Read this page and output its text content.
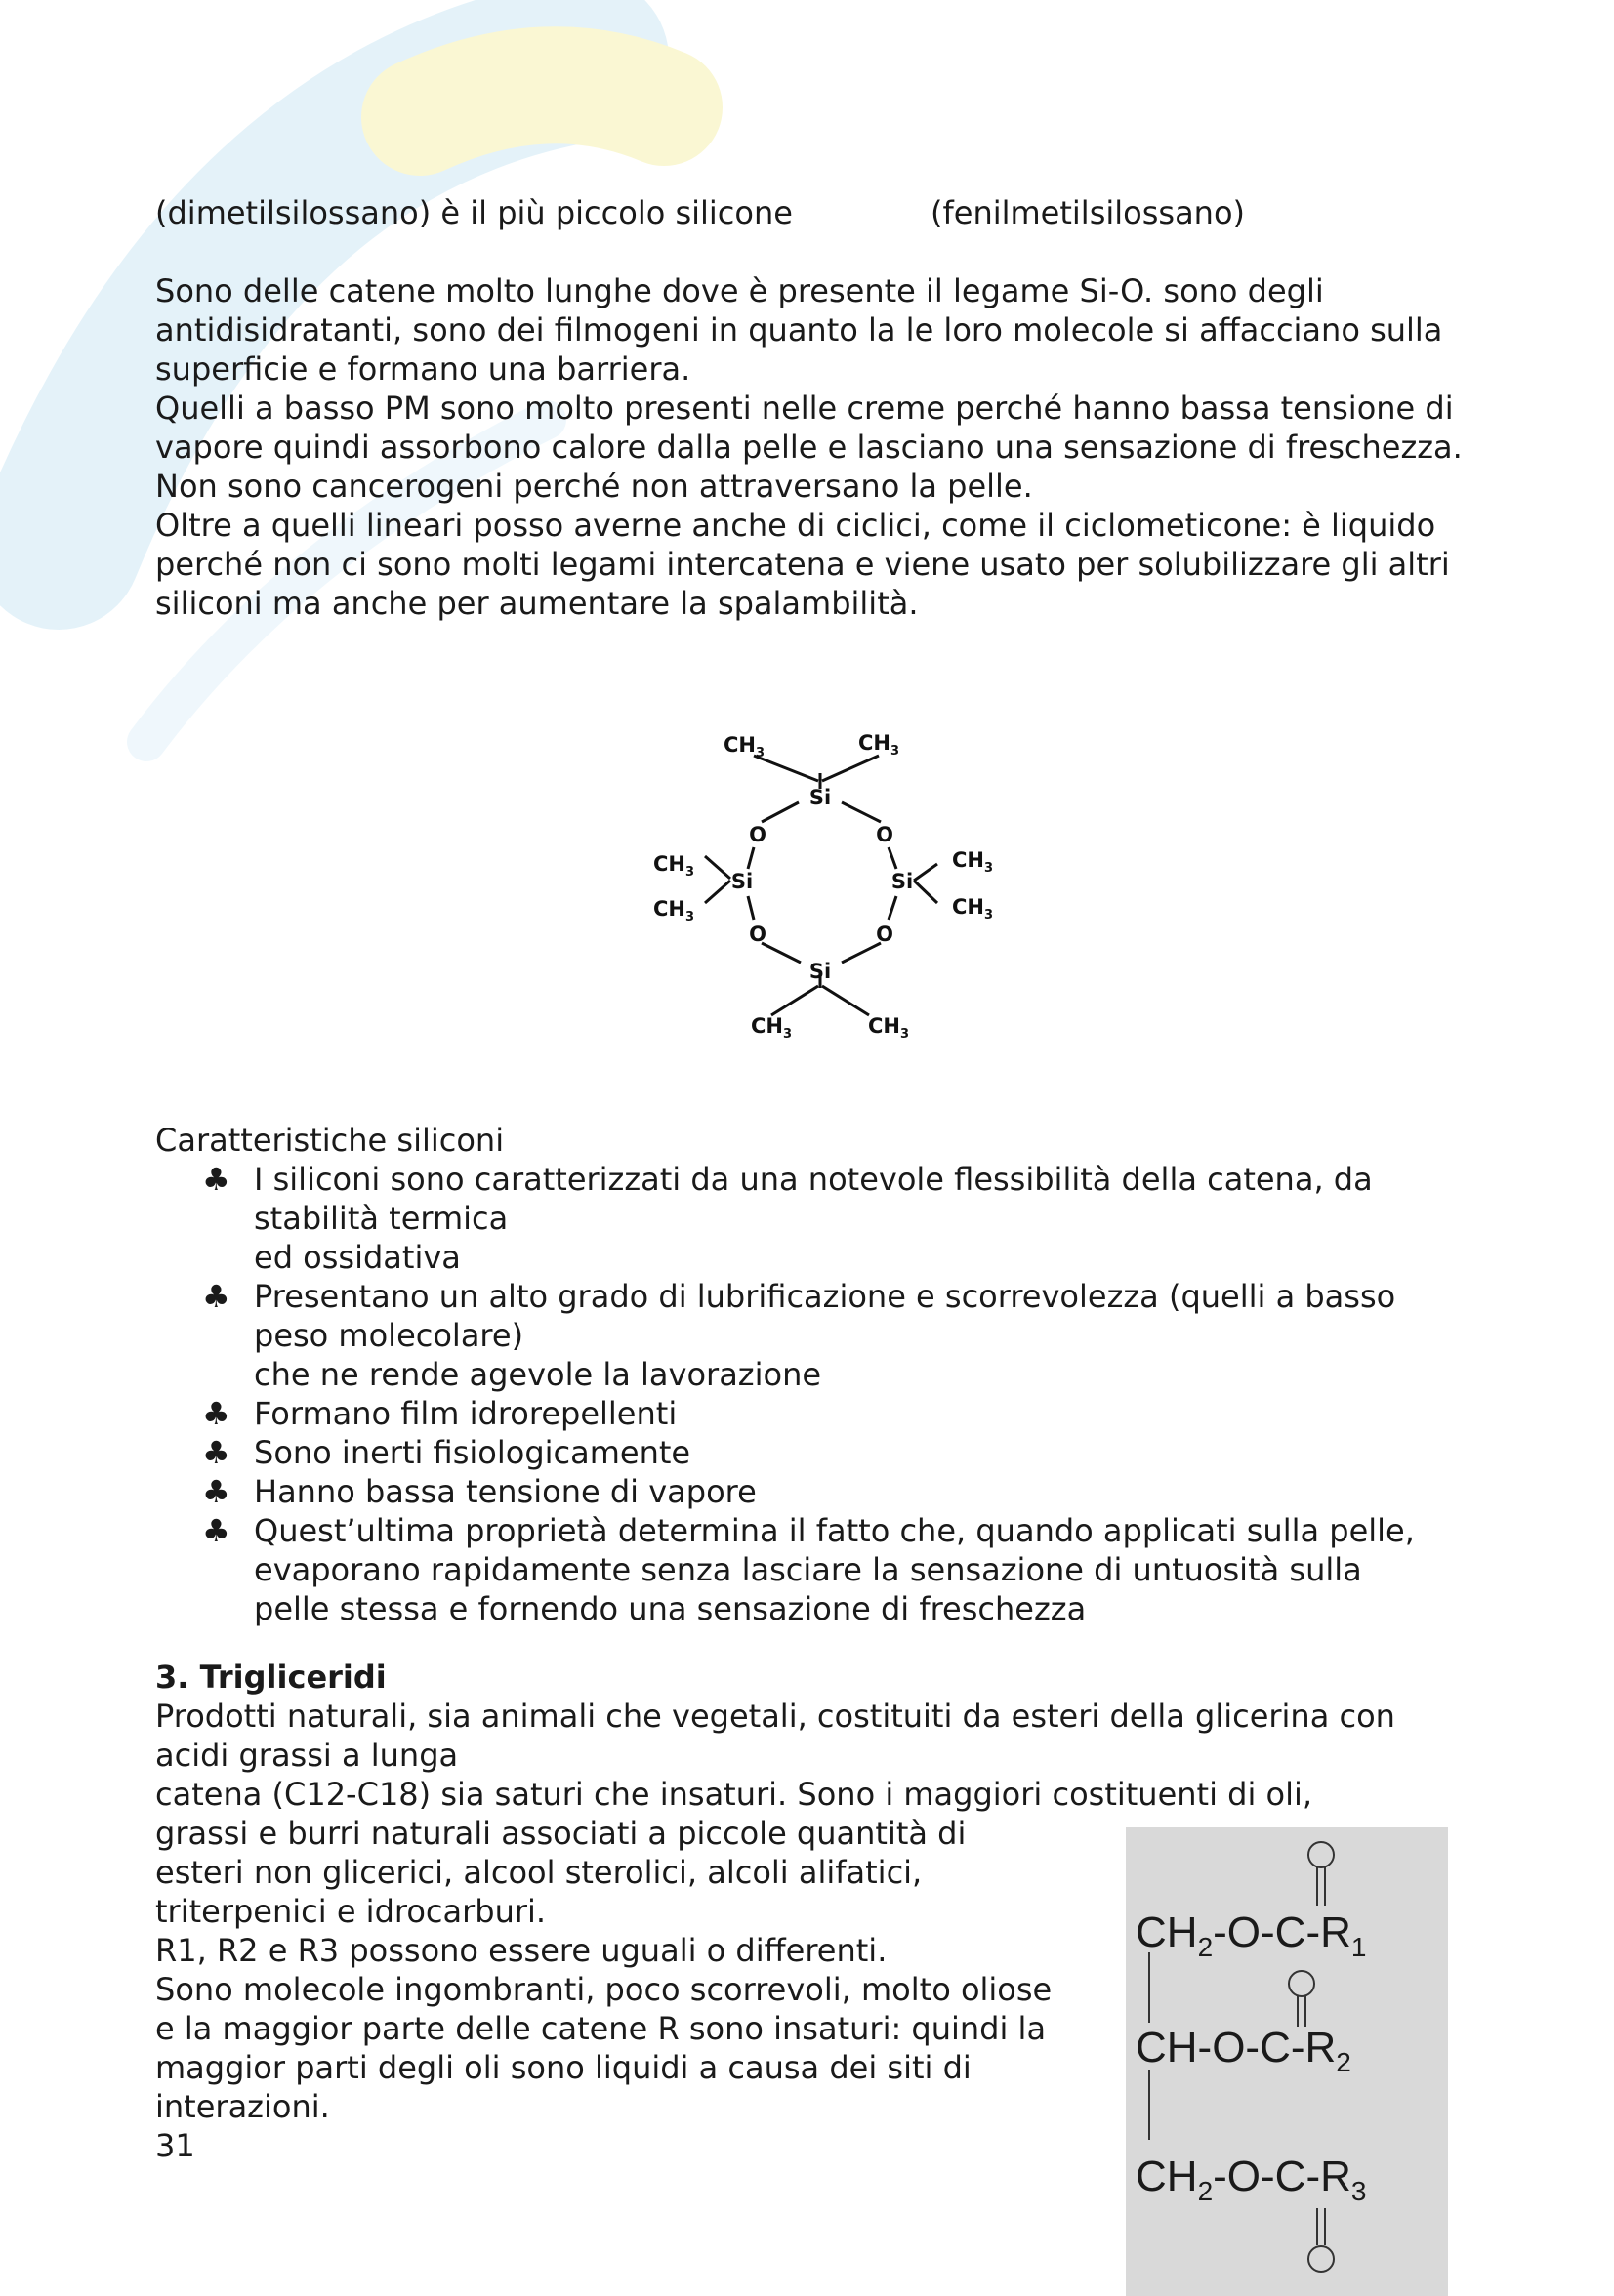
(dimetilsilossano) è il più piccolo silicone	(fenilmetilsilossano)

Sono delle catene molto lunghe dove è presente il legame Si-O. sono degli antidisidratanti, sono dei filmogeni in quanto la le loro molecole si affacciano sulla superficie e formano una barriera.

Quelli a basso PM sono molto presenti nelle creme perché hanno bassa tensione di vapore quindi assorbono calore dalla pelle e lasciano una sensazione di freschezza.

Non sono cancerogeni perché non attraversano la pelle.

Oltre a quelli lineari posso averne anche di ciclici, come il ciclometicone: è liquido perché non ci sono molti legami intercatena e viene usato per solubilizzare gli altri siliconi ma anche per aumentare la spalambilità.

$CH_3$	$CH_3$
Si
O	O
$CH_3$ Si	Si
$CH_3$
$CH_3$	$CH_3$
O	O
Si
$CH_3$	$CH_3$

Caratteristiche siliconi

♣ I siliconi sono caratterizzati da una notevole flessibilità della catena, da

stabilità termica

ed ossidativa

♣ Presentano un alto grado di lubrificazione e scorrevolezza (quelli a basso

peso molecolare)

che ne rende agevole la lavorazione

♣ Formano film idrorepellenti

♣ Sono inerti fisiologicamente

♣ Hanno bassa tensione di vapore

♣ Quest’ultima proprietà determina il fatto che, quando applicati sulla pelle,

evaporano rapidamente senza lasciare la sensazione di untuosità sulla

pelle stessa e fornendo una sensazione di freschezza

3. Trigliceridi

Prodotti naturali, sia animali che vegetali, costituiti da esteri della glicerina con

acidi grassi a lunga

catena (C12-C18) sia saturi che insaturi. Sono i maggiori costituenti di oli,

grassi e burri naturali associati a piccole quantità di

esteri non glicerici, alcool sterolici, alcoli alifatici,

triterpenici e idrocarburi.

R1, R2 e R3 possono essere uguali o differenti.

Sono molecole ingombranti, poco scorrevoli, molto oliose

e la maggior parte delle catene R sono insaturi: quindi la

maggior parti degli oli sono liquidi a causa dei siti di

interazioni.

$CH_2-O-C-R_1$
$CH-O-C-R_2$
$CH_2-O-C-R_3$

31
